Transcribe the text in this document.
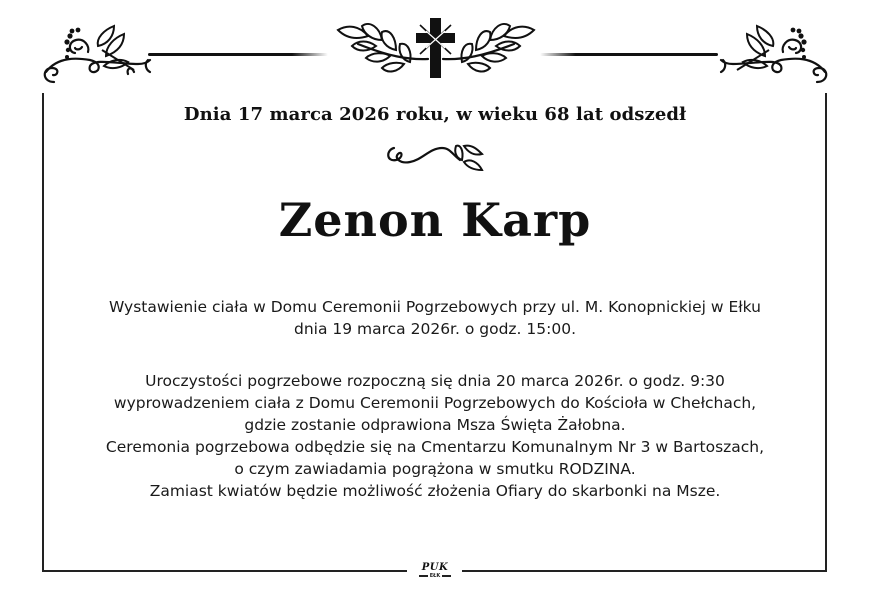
Dnia 17 marca 2026 roku, w wieku 68 lat odszedł
Zenon Karp
Wystawienie ciała w Domu Ceremonii Pogrzebowych przy ul. M. Konopnickiej w Ełku
dnia 19 marca 2026r. o godz. 15:00.
Uroczystości pogrzebowe rozpoczną się dnia 20 marca 2026r. o godz. 9:30
wyprowadzeniem ciała z Domu Ceremonii Pogrzebowych do Kościoła w Chełchach,
gdzie zostanie odprawiona Msza Święta Żałobna.
Ceremonia pogrzebowa odbędzie się na Cmentarzu Komunalnym Nr 3 w Bartoszach,
o czym zawiadamia pogrążona w smutku RODZINA.
Zamiast kwiatów będzie możliwość złożenia Ofiary do skarbonki na Msze.
PUK
EŁK
